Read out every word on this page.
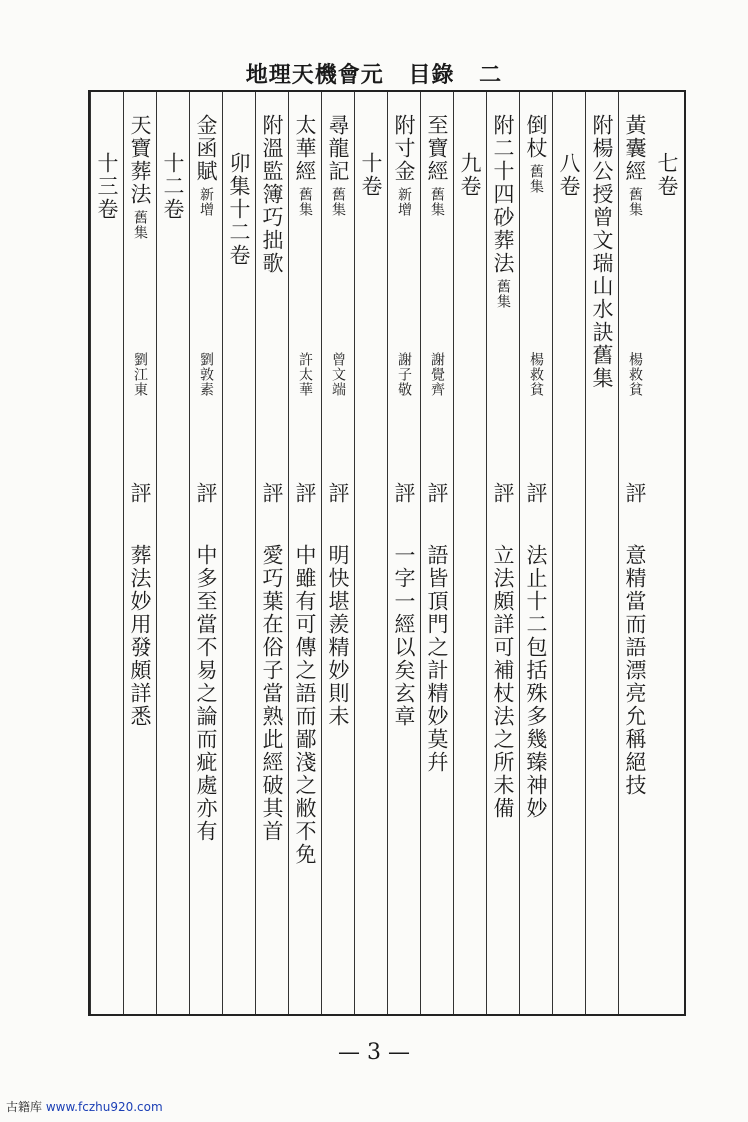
地理天機會元 目錄 二
七卷
黃囊經
舊集
楊救貧
評
意精當而語漂亮允稱絕技
附楊公授曾文瑞山水訣舊集
八卷
倒杖
舊集
楊救貧
評
法止十二包括殊多幾臻神妙
附二十四砂葬法
舊集
評
立法頗詳可補杖法之所未備
九卷
至寶經
舊集
謝覺齊
評
語皆頂門之計精妙莫幷
附寸金
新增
謝子敬
評
一字一經以矣玄章
十卷
尋龍記
舊集
曾文端
評
明快堪羨精妙則未
太華經
舊集
許太華
評
中雖有可傳之語而鄙淺之敝不免
附溫監簿巧拙歌
評
愛巧葉在俗子當熟此經破其首
卯集十二卷
金函賦
新增
劉敦素
評
中多至當不易之論而疵處亦有
十二卷
天寶葬法
舊集
劉江東
評
葬法妙用發頗詳悉
十三卷
— 3 —
古籍库 www.fczhu920.com
